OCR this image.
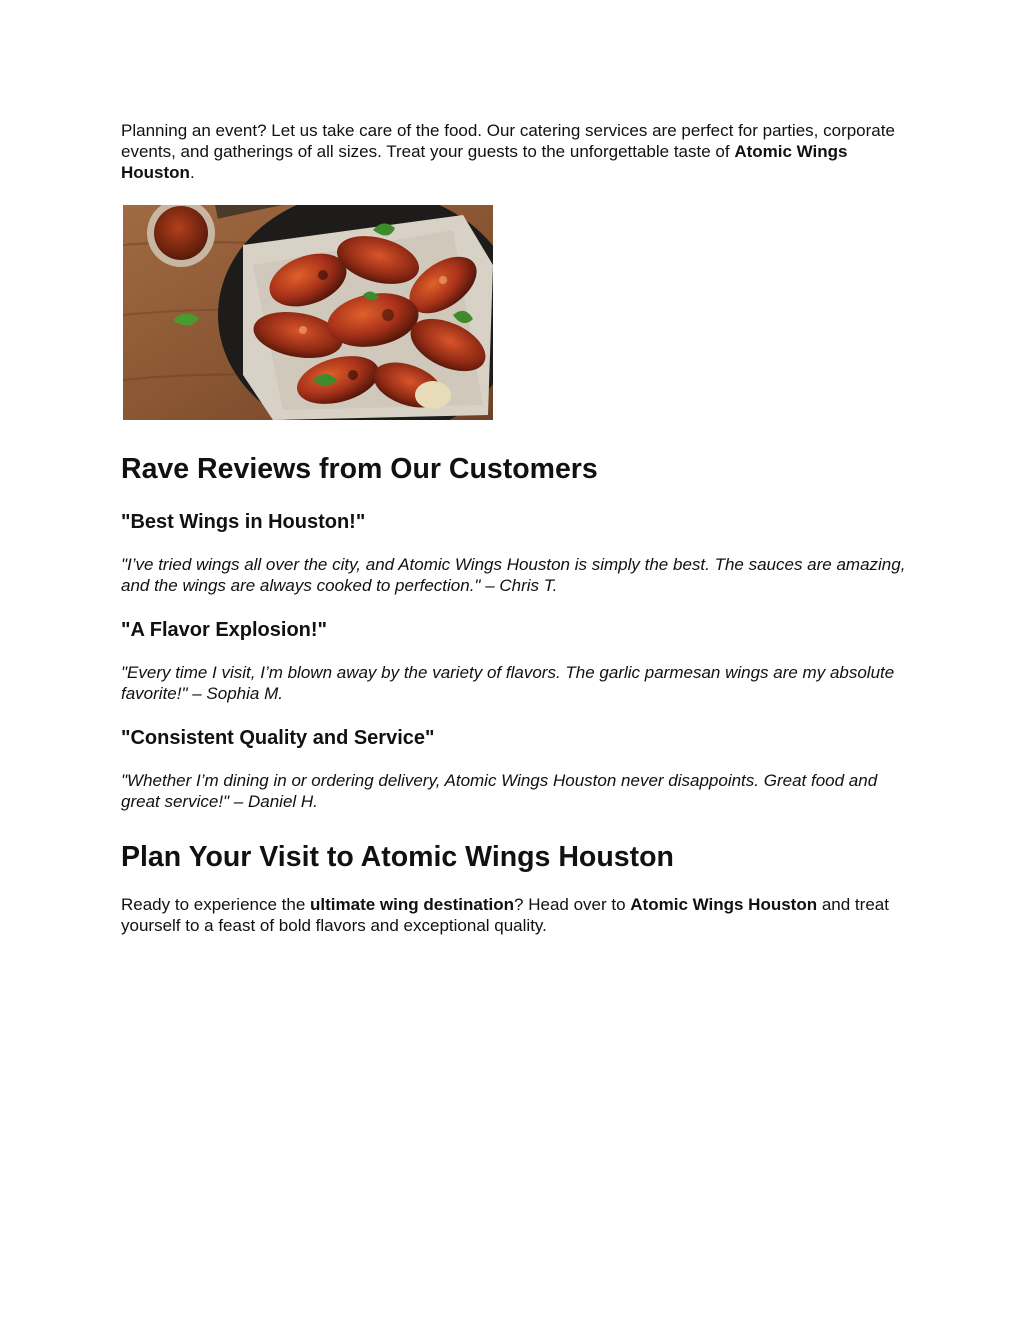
Planning an event? Let us take care of the food. Our catering services are perfect for parties, corporate events, and gatherings of all sizes. Treat your guests to the unforgettable taste of Atomic Wings Houston.

Rave Reviews from Our Customers
"Best Wings in Houston!"

"I’ve tried wings all over the city, and Atomic Wings Houston is simply the best. The sauces are amazing, and the wings are always cooked to perfection." – Chris T.

"A Flavor Explosion!"

"Every time I visit, I’m blown away by the variety of flavors. The garlic parmesan wings are my absolute favorite!" – Sophia M.

"Consistent Quality and Service"

"Whether I’m dining in or ordering delivery, Atomic Wings Houston never disappoints. Great food and great service!" – Daniel H.

Plan Your Visit to Atomic Wings Houston

Ready to experience the ultimate wing destination? Head over to Atomic Wings Houston and treat yourself to a feast of bold flavors and exceptional quality.
